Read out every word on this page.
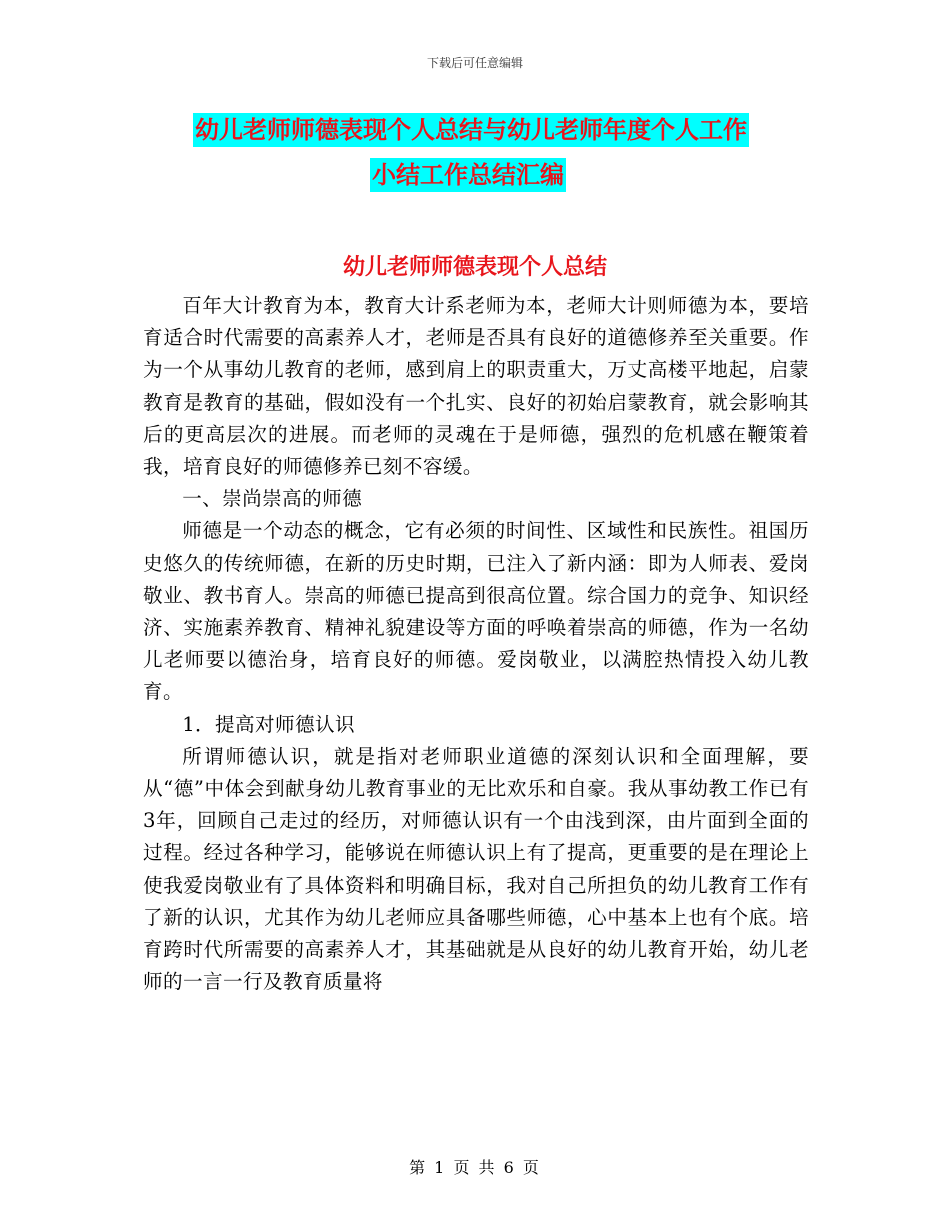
下载后可任意编辑
幼儿老师师德表现个人总结与幼儿老师年度个人工作
小结工作总结汇编
幼儿老师师德表现个人总结

百年大计教育为本，教育大计系老师为本，老师大计则师德为本，要培育适合时代需要的高素养人才，老师是否具有良好的道德修养至关重要。作为一个从事幼儿教育的老师，感到肩上的职责重大，万丈高楼平地起，启蒙教育是教育的基础，假如没有一个扎实、良好的初始启蒙教育，就会影响其后的更高层次的进展。而老师的灵魂在于是师德，强烈的危机感在鞭策着我，培育良好的师德修养已刻不容缓。

一、崇尚崇高的师德

师德是一个动态的概念，它有必须的时间性、区域性和民族性。祖国历史悠久的传统师德，在新的历史时期，已注入了新内涵：即为人师表、爱岗敬业、教书育人。崇高的师德已提高到很高位置。综合国力的竞争、知识经济、实施素养教育、精神礼貌建设等方面的呼唤着崇高的师德，作为一名幼儿老师要以德治身，培育良好的师德。爱岗敬业，以满腔热情投入幼儿教育。

1．提高对师德认识

所谓师德认识，就是指对老师职业道德的深刻认识和全面理解，要从“德”中体会到献身幼儿教育事业的无比欢乐和自豪。我从事幼教工作已有3年，回顾自己走过的经历，对师德认识有一个由浅到深，由片面到全面的过程。经过各种学习，能够说在师德认识上有了提高，更重要的是在理论上使我爱岗敬业有了具体资料和明确目标，我对自己所担负的幼儿教育工作有了新的认识，尤其作为幼儿老师应具备哪些师德，心中基本上也有个底。培育跨时代所需要的高素养人才，其基础就是从良好的幼儿教育开始，幼儿老师的一言一行及教育质量将

第 1 页 共 6 页
